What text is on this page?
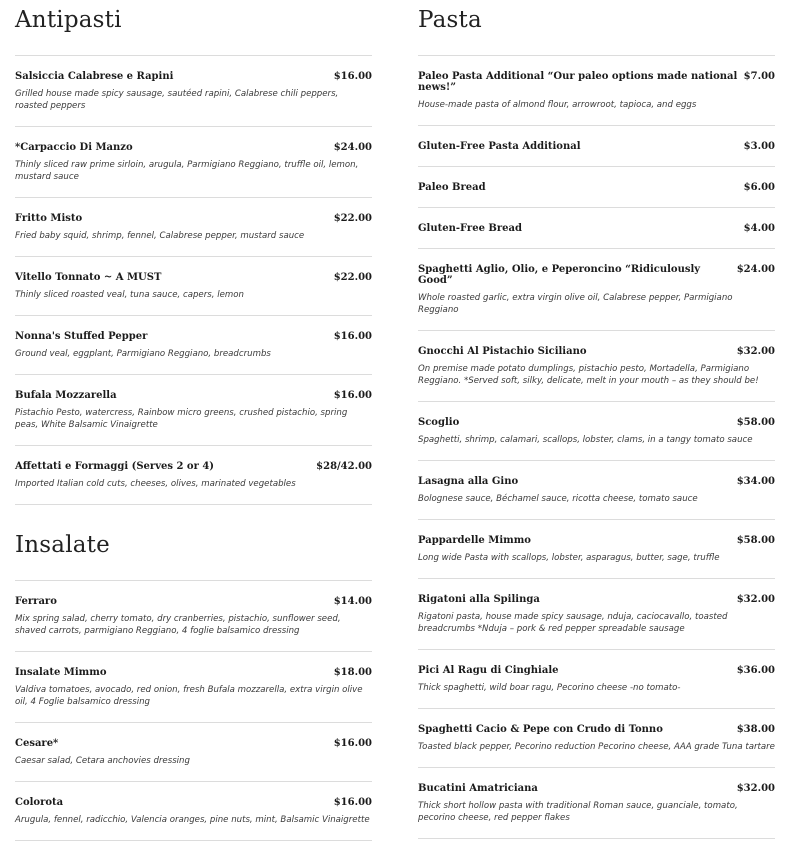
Antipasti
Salsiccia Calabrese e Rapini	$16.00
Grilled house made spicy sausage, sautéed rapini, Calabrese chili peppers, roasted peppers
*Carpaccio Di Manzo	$24.00
Thinly sliced raw prime sirloin, arugula, Parmigiano Reggiano, truffle oil, lemon, mustard sauce
Fritto Misto	$22.00
Fried baby squid, shrimp, fennel, Calabrese pepper, mustard sauce
Vitello Tonnato ~ A MUST	$22.00
Thinly sliced roasted veal, tuna sauce, capers, lemon
Nonna's Stuffed Pepper	$16.00
Ground veal, eggplant, Parmigiano Reggiano, breadcrumbs
Bufala Mozzarella	$16.00
Pistachio Pesto, watercress, Rainbow micro greens, crushed pistachio, spring peas, White Balsamic Vinaigrette
Affettati e Formaggi (Serves 2 or 4)	$28/42.00
Imported Italian cold cuts, cheeses, olives, marinated vegetables
Insalate
Ferraro	$14.00
Mix spring salad, cherry tomato, dry cranberries, pistachio, sunflower seed, shaved carrots, parmigiano Reggiano, 4 foglie balsamico dressing
Insalate Mimmo	$18.00
Valdiva tomatoes, avocado, red onion, fresh Bufala mozzarella, extra virgin olive oil, 4 Foglie balsamico dressing
Cesare*	$16.00
Caesar salad, Cetara anchovies dressing
Colorota	$16.00
Arugula, fennel, radicchio, Valencia oranges, pine nuts, mint, Balsamic Vinaigrette
Pasta
Paleo Pasta Additional “Our paleo options made national news!”
$7.00
House-made pasta of almond flour, arrowroot, tapioca, and eggs
Gluten-Free Pasta Additional	$3.00
Paleo Bread	$6.00
Gluten-Free Bread	$4.00
Spaghetti Aglio, Olio, e Peperoncino “Ridiculously Good”
$24.00
Whole roasted garlic, extra virgin olive oil, Calabrese pepper, Parmigiano Reggiano
Gnocchi Al Pistachio Siciliano	$32.00
On premise made potato dumplings, pistachio pesto, Mortadella, Parmigiano Reggiano. *Served soft, silky, delicate, melt in your mouth – as they should be!
Scoglio	$58.00
Spaghetti, shrimp, calamari, scallops, lobster, clams, in a tangy tomato sauce
Lasagna alla Gino	$34.00
Bolognese sauce, Béchamel sauce, ricotta cheese, tomato sauce
Pappardelle Mimmo	$58.00
Long wide Pasta with scallops, lobster, asparagus, butter, sage, truffle
Rigatoni alla Spilinga	$32.00
Rigatoni pasta, house made spicy sausage, nduja, caciocavallo, toasted breadcrumbs *Nduja – pork & red pepper spreadable sausage
Pici Al Ragu di Cinghiale	$36.00
Thick spaghetti, wild boar ragu, Pecorino cheese -no tomato-
Spaghetti Cacio & Pepe con Crudo di Tonno	$38.00
Toasted black pepper, Pecorino reduction Pecorino cheese, AAA grade Tuna tartare
Bucatini Amatriciana	$32.00
Thick short hollow pasta with traditional Roman sauce, guanciale, tomato, pecorino cheese, red pepper flakes
